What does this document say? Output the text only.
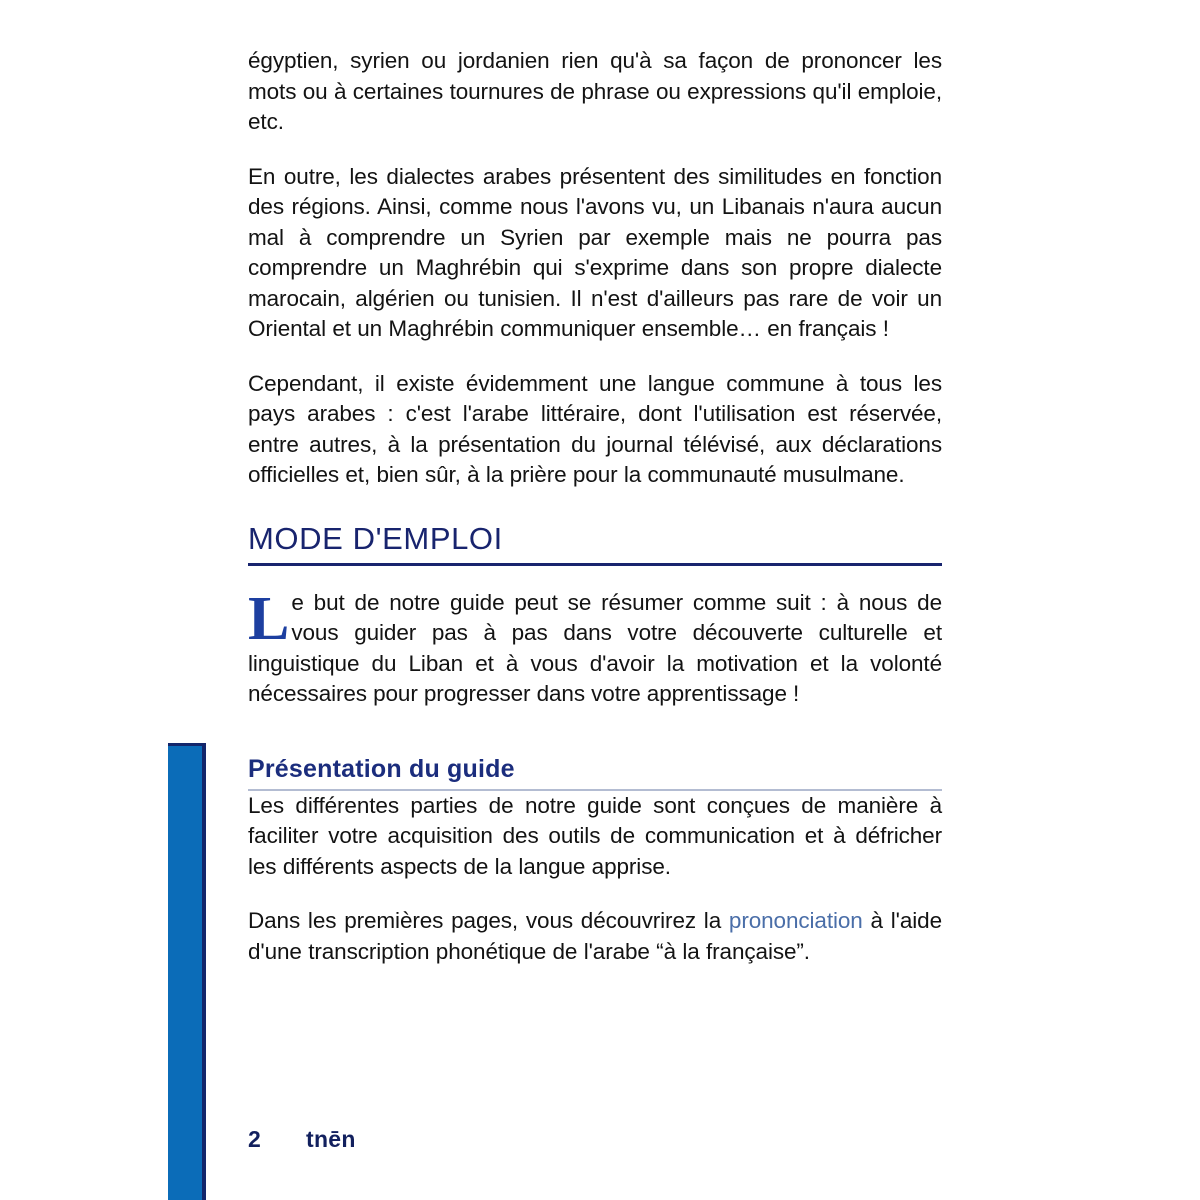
égyptien, syrien ou jordanien rien qu'à sa façon de prononcer les mots ou à certaines tournures de phrase ou expressions qu'il emploie, etc.

En outre, les dialectes arabes présentent des similitudes en fonction des régions. Ainsi, comme nous l'avons vu, un Libanais n'aura aucun mal à comprendre un Syrien par exemple mais ne pourra pas comprendre un Maghrébin qui s'exprime dans son propre dialecte marocain, algérien ou tunisien. Il n'est d'ailleurs pas rare de voir un Oriental et un Maghrébin communiquer ensemble… en français !

Cependant, il existe évidemment une langue commune à tous les pays arabes : c'est l'arabe littéraire, dont l'utilisation est réservée, entre autres, à la présentation du journal télévisé, aux déclarations officielles et, bien sûr, à la prière pour la communauté musulmane.

MODE D'EMPLOI
L e but de notre guide peut se résumer comme suit : à nous de vous guider pas à pas dans votre découverte culturelle et linguistique du Liban et à vous d'avoir la motivation et la volonté nécessaires pour progresser dans votre apprentissage !

Présentation du guide

Les différentes parties de notre guide sont conçues de manière à faciliter votre acquisition des outils de communication et à défricher les différents aspects de la langue apprise.

Dans les premières pages, vous découvrirez la prononciation à l'aide d'une transcription phonétique de l'arabe “à la française”.

2	tnēn
